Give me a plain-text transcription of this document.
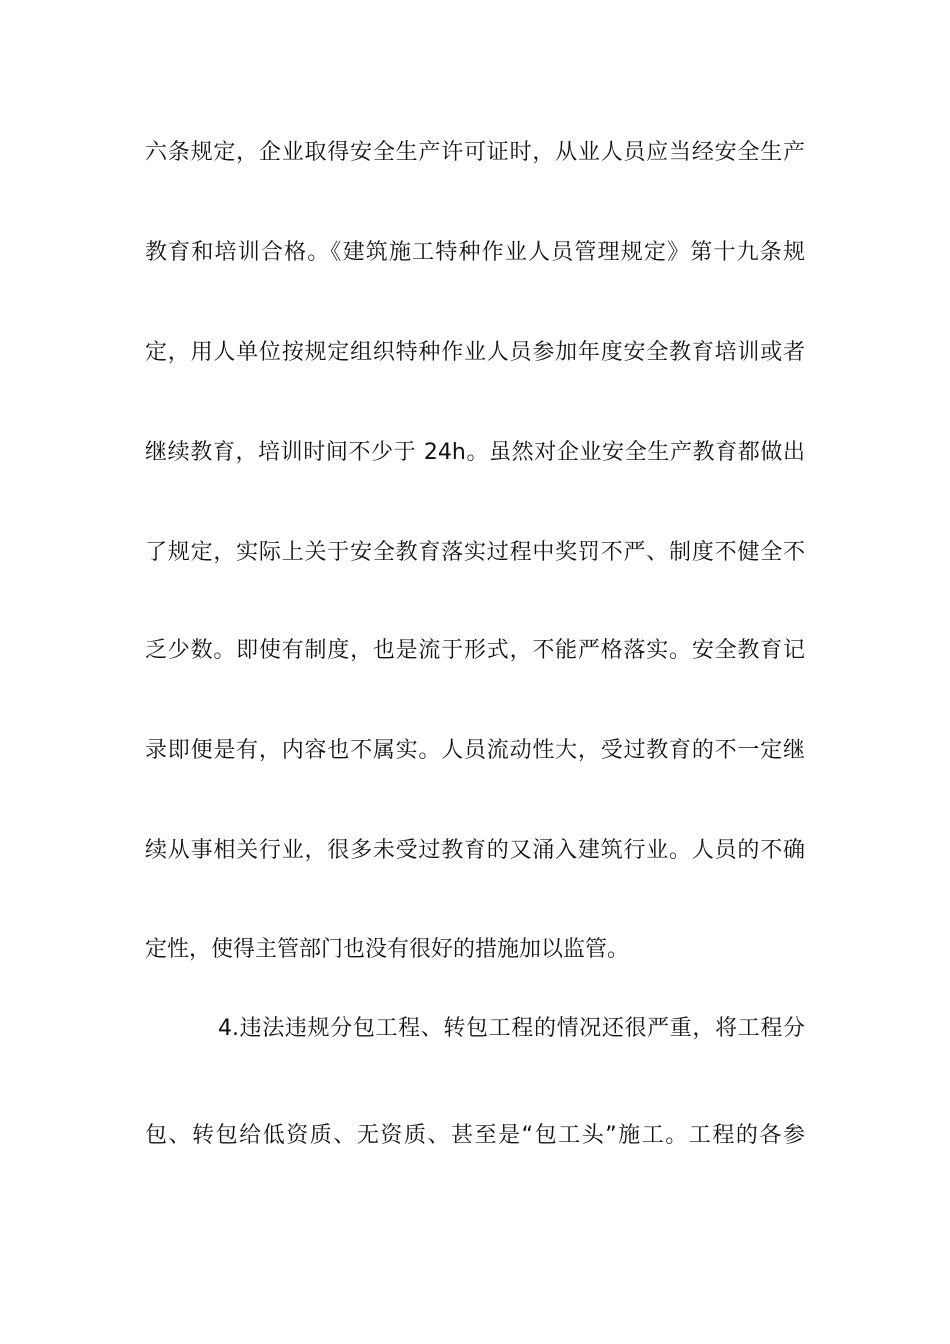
六条规定，企业取得安全生产许可证时，从业人员应当经安全生产
教育和培训合格。《建筑施工特种作业人员管理规定》第十九条规
定，用人单位按规定组织特种作业人员参加年度安全教育培训或者
继续教育，培训时间不少于 24h。虽然对企业安全生产教育都做出
了规定，实际上关于安全教育落实过程中奖罚不严、制度不健全不
乏少数。即使有制度，也是流于形式，不能严格落实。安全教育记
录即便是有，内容也不属实。人员流动性大，受过教育的不一定继
续从事相关行业，很多未受过教育的又涌入建筑行业。人员的不确
定性，使得主管部门也没有很好的措施加以监管。
4.违法违规分包工程、转包工程的情况还很严重，将工程分
包、转包给低资质、无资质、甚至是“包工头”施工。工程的各参
